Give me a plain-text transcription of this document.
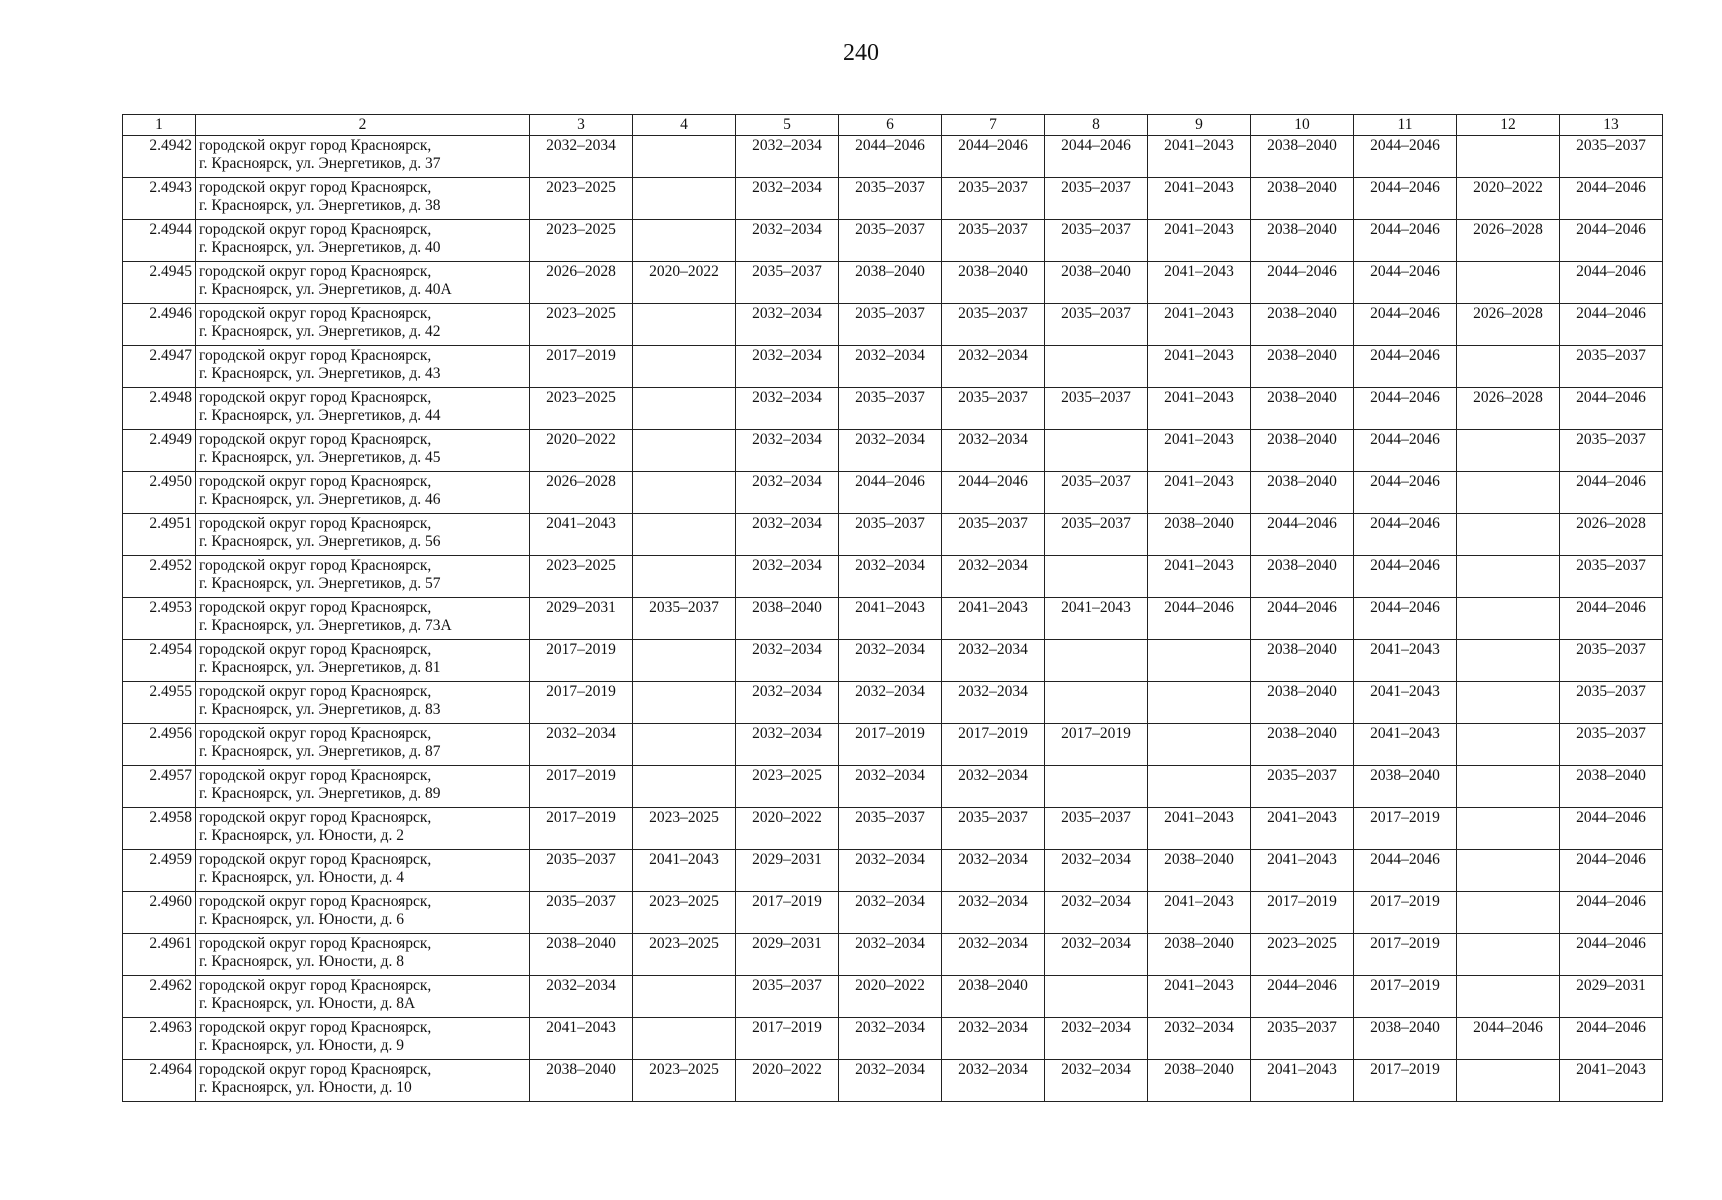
240
1	2	3	4	5	6	7	8	9	10	11	12	13
2.4942	городской округ город Красноярск,
г. Красноярск, ул. Энергетиков, д. 37	2032–2034		2032–2034	2044–2046	2044–2046	2044–2046	2041–2043	2038–2040	2044–2046		2035–2037
2.4943	городской округ город Красноярск,
г. Красноярск, ул. Энергетиков, д. 38	2023–2025		2032–2034	2035–2037	2035–2037	2035–2037	2041–2043	2038–2040	2044–2046	2020–2022	2044–2046
2.4944	городской округ город Красноярск,
г. Красноярск, ул. Энергетиков, д. 40	2023–2025		2032–2034	2035–2037	2035–2037	2035–2037	2041–2043	2038–2040	2044–2046	2026–2028	2044–2046
2.4945	городской округ город Красноярск,
г. Красноярск, ул. Энергетиков, д. 40А	2026–2028	2020–2022	2035–2037	2038–2040	2038–2040	2038–2040	2041–2043	2044–2046	2044–2046		2044–2046
2.4946	городской округ город Красноярск,
г. Красноярск, ул. Энергетиков, д. 42	2023–2025		2032–2034	2035–2037	2035–2037	2035–2037	2041–2043	2038–2040	2044–2046	2026–2028	2044–2046
2.4947	городской округ город Красноярск,
г. Красноярск, ул. Энергетиков, д. 43	2017–2019		2032–2034	2032–2034	2032–2034		2041–2043	2038–2040	2044–2046		2035–2037
2.4948	городской округ город Красноярск,
г. Красноярск, ул. Энергетиков, д. 44	2023–2025		2032–2034	2035–2037	2035–2037	2035–2037	2041–2043	2038–2040	2044–2046	2026–2028	2044–2046
2.4949	городской округ город Красноярск,
г. Красноярск, ул. Энергетиков, д. 45	2020–2022		2032–2034	2032–2034	2032–2034		2041–2043	2038–2040	2044–2046		2035–2037
2.4950	городской округ город Красноярск,
г. Красноярск, ул. Энергетиков, д. 46	2026–2028		2032–2034	2044–2046	2044–2046	2035–2037	2041–2043	2038–2040	2044–2046		2044–2046
2.4951	городской округ город Красноярск,
г. Красноярск, ул. Энергетиков, д. 56	2041–2043		2032–2034	2035–2037	2035–2037	2035–2037	2038–2040	2044–2046	2044–2046		2026–2028
2.4952	городской округ город Красноярск,
г. Красноярск, ул. Энергетиков, д. 57	2023–2025		2032–2034	2032–2034	2032–2034		2041–2043	2038–2040	2044–2046		2035–2037
2.4953	городской округ город Красноярск,
г. Красноярск, ул. Энергетиков, д. 73А	2029–2031	2035–2037	2038–2040	2041–2043	2041–2043	2041–2043	2044–2046	2044–2046	2044–2046		2044–2046
2.4954	городской округ город Красноярск,
г. Красноярск, ул. Энергетиков, д. 81	2017–2019		2032–2034	2032–2034	2032–2034			2038–2040	2041–2043		2035–2037
2.4955	городской округ город Красноярск,
г. Красноярск, ул. Энергетиков, д. 83	2017–2019		2032–2034	2032–2034	2032–2034			2038–2040	2041–2043		2035–2037
2.4956	городской округ город Красноярск,
г. Красноярск, ул. Энергетиков, д. 87	2032–2034		2032–2034	2017–2019	2017–2019	2017–2019		2038–2040	2041–2043		2035–2037
2.4957	городской округ город Красноярск,
г. Красноярск, ул. Энергетиков, д. 89	2017–2019		2023–2025	2032–2034	2032–2034			2035–2037	2038–2040		2038–2040
2.4958	городской округ город Красноярск,
г. Красноярск, ул. Юности, д. 2	2017–2019	2023–2025	2020–2022	2035–2037	2035–2037	2035–2037	2041–2043	2041–2043	2017–2019		2044–2046
2.4959	городской округ город Красноярск,
г. Красноярск, ул. Юности, д. 4	2035–2037	2041–2043	2029–2031	2032–2034	2032–2034	2032–2034	2038–2040	2041–2043	2044–2046		2044–2046
2.4960	городской округ город Красноярск,
г. Красноярск, ул. Юности, д. 6	2035–2037	2023–2025	2017–2019	2032–2034	2032–2034	2032–2034	2041–2043	2017–2019	2017–2019		2044–2046
2.4961	городской округ город Красноярск,
г. Красноярск, ул. Юности, д. 8	2038–2040	2023–2025	2029–2031	2032–2034	2032–2034	2032–2034	2038–2040	2023–2025	2017–2019		2044–2046
2.4962	городской округ город Красноярск,
г. Красноярск, ул. Юности, д. 8А	2032–2034		2035–2037	2020–2022	2038–2040		2041–2043	2044–2046	2017–2019		2029–2031
2.4963	городской округ город Красноярск,
г. Красноярск, ул. Юности, д. 9	2041–2043		2017–2019	2032–2034	2032–2034	2032–2034	2032–2034	2035–2037	2038–2040	2044–2046	2044–2046
2.4964	городской округ город Красноярск,
г. Красноярск, ул. Юности, д. 10	2038–2040	2023–2025	2020–2022	2032–2034	2032–2034	2032–2034	2038–2040	2041–2043	2017–2019		2041–2043
